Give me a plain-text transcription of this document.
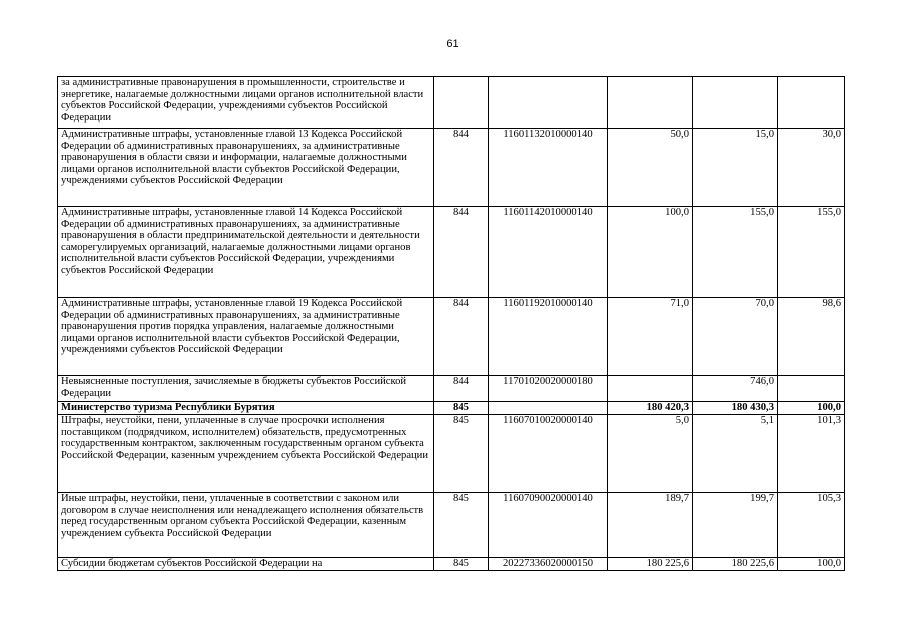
61
за административные правонарушения в промышленности, строительстве и энергетике, налагаемые должностными лицами органов исполнительной власти субъектов Российской Федерации, учреждениями субъектов Российской Федерации					
Административные штрафы, установленные главой 13 Кодекса Российской Федерации об административных правонарушениях, за административные правонарушения в области связи и информации, налагаемые должностными лицами органов исполнительной власти субъектов Российской Федерации, учреждениями субъектов Российской Федерации	844	11601132010000140	50,0	15,0	30,0
Административные штрафы, установленные главой 14 Кодекса Российской Федерации об административных правонарушениях, за административные правонарушения в области предпринимательской деятельности и деятельности саморегулируемых организаций, налагаемые должностными лицами органов исполнительной власти субъектов Российской Федерации, учреждениями субъектов Российской Федерации	844	11601142010000140	100,0	155,0	155,0
Административные штрафы, установленные главой 19 Кодекса Российской Федерации об административных правонарушениях, за административные правонарушения против порядка управления, налагаемые должностными лицами органов исполнительной власти субъектов Российской Федерации, учреждениями субъектов Российской Федерации	844	11601192010000140	71,0	70,0	98,6
Невыясненные поступления, зачисляемые в бюджеты субъектов Российской Федерации	844	11701020020000180		746,0	
Министерство туризма Республики Бурятия	845		180 420,3	180 430,3	100,0
Штрафы, неустойки, пени, уплаченные в случае просрочки исполнения поставщиком (подрядчиком, исполнителем) обязательств, предусмотренных государственным контрактом, заключенным государственным органом субъекта Российской Федерации, казенным учреждением субъекта Российской Федерации	845	11607010020000140	5,0	5,1	101,3
Иные штрафы, неустойки, пени, уплаченные в соответствии с законом или договором в случае неисполнения или ненадлежащего исполнения обязательств перед государственным органом субъекта Российской Федерации, казенным учреждением субъекта Российской Федерации	845	11607090020000140	189,7	199,7	105,3
Субсидии бюджетам субъектов Российской Федерации на	845	20227336020000150	180 225,6	180 225,6	100,0
